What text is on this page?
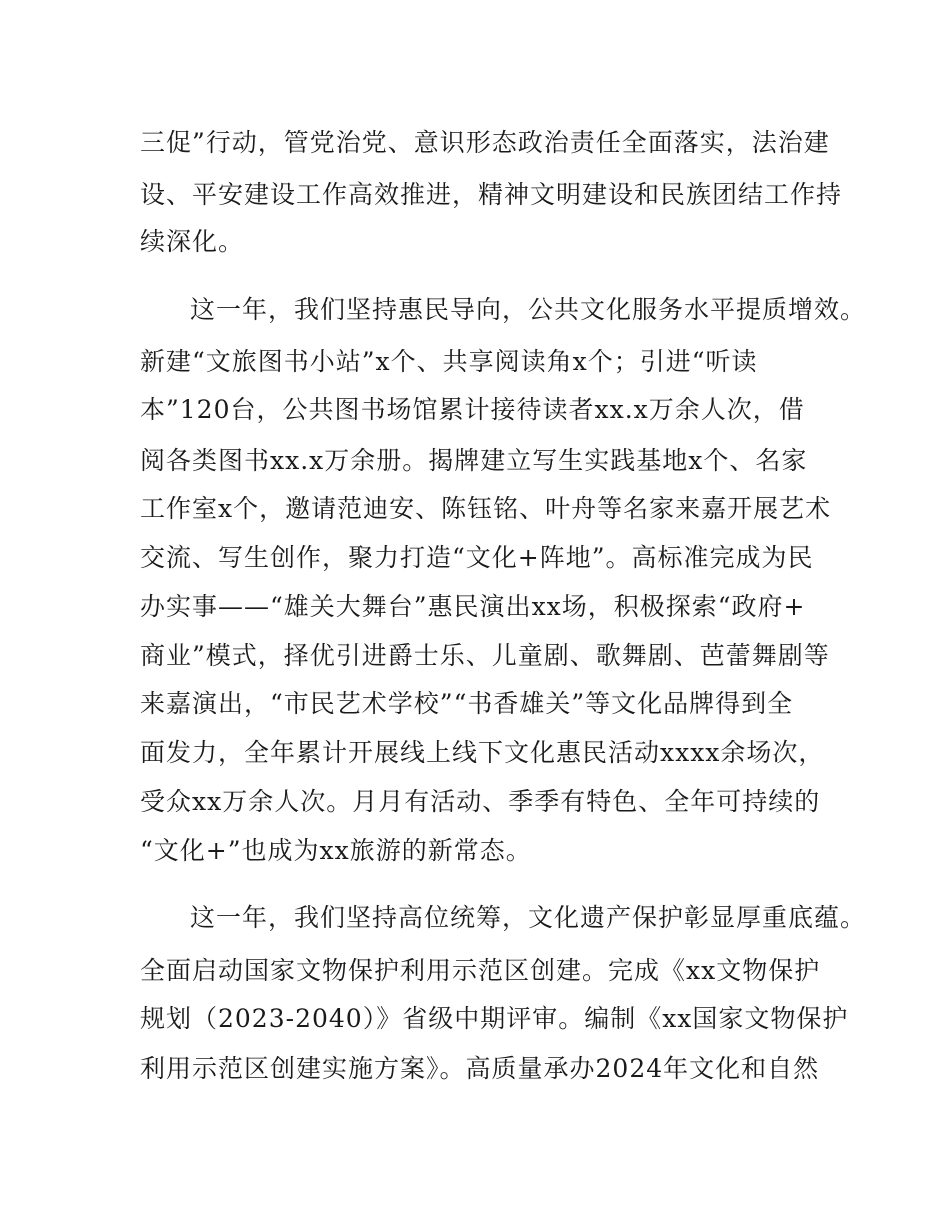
三促”行动，管党治党、意识形态政治责任全面落实，法治建
设、平安建设工作高效推进，精神文明建设和民族团结工作持
续深化。
这一年，我们坚持惠民导向，公共文化服务水平提质增效。
新建“文旅图书小站”x个、共享阅读角x个；引进“听读
本”120台，公共图书场馆累计接待读者xx.x万余人次，借
阅各类图书xx.x万余册。揭牌建立写生实践基地x个、名家
工作室x个，邀请范迪安、陈钰铭、叶舟等名家来嘉开展艺术
交流、写生创作，聚力打造“文化+阵地”。高标准完成为民
办实事——“雄关大舞台”惠民演出xx场，积极探索“政府+
商业”模式，择优引进爵士乐、儿童剧、歌舞剧、芭蕾舞剧等
来嘉演出，“市民艺术学校”“书香雄关”等文化品牌得到全
面发力，全年累计开展线上线下文化惠民活动xxxx余场次，
受众xx万余人次。月月有活动、季季有特色、全年可持续的
“文化+”也成为xx旅游的新常态。
这一年，我们坚持高位统筹，文化遗产保护彰显厚重底蕴。
全面启动国家文物保护利用示范区创建。完成《xx文物保护
规划（2023-2040）》省级中期评审。编制《xx国家文物保护
利用示范区创建实施方案》。高质量承办2024年文化和自然
